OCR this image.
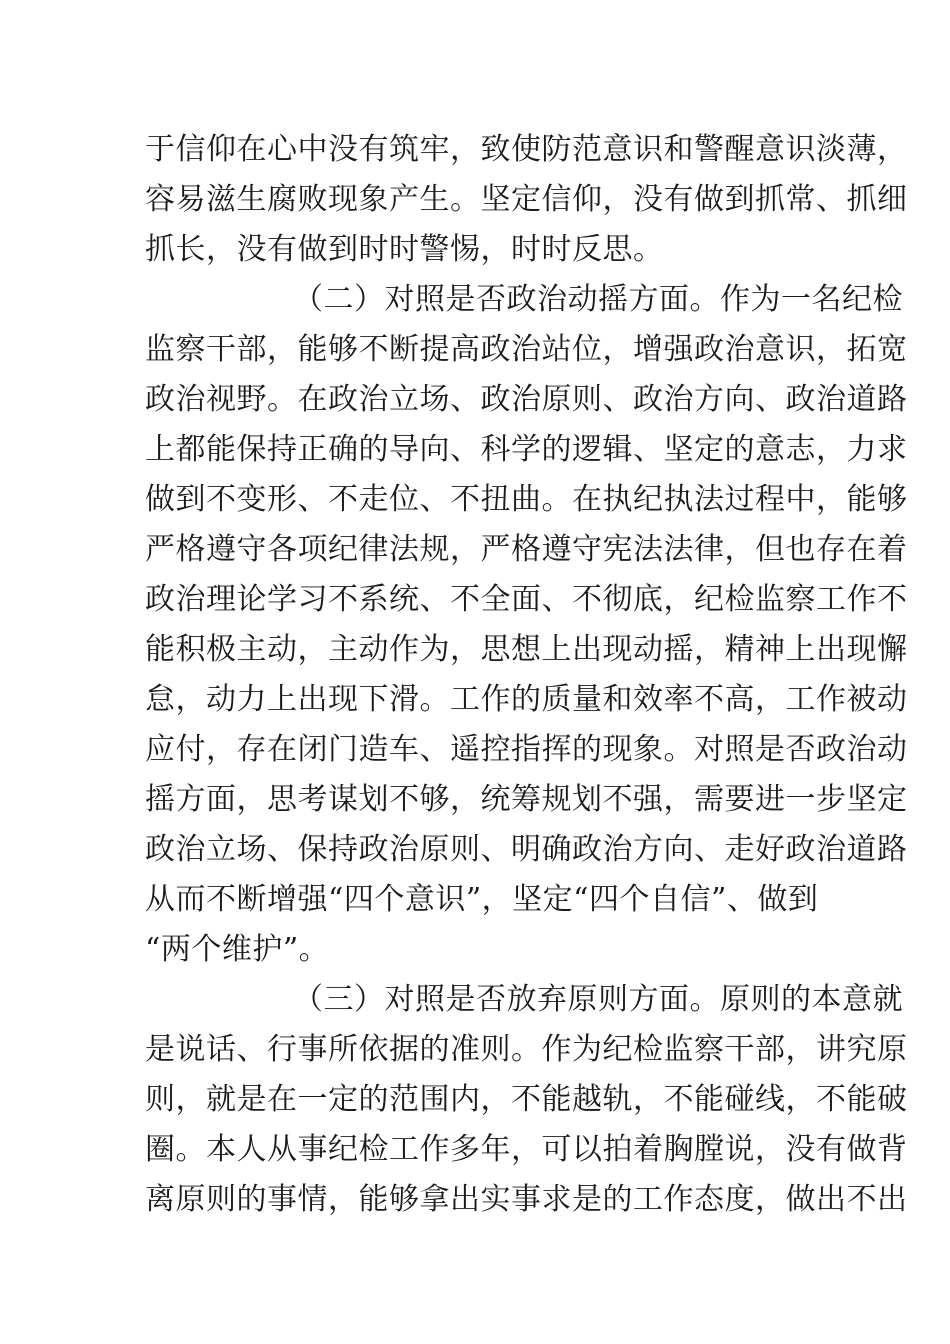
于信仰在心中没有筑牢，致使防范意识和警醒意识淡薄，
容易滋生腐败现象产生。坚定信仰，没有做到抓常、抓细
抓长，没有做到时时警惕，时时反思。
（二）对照是否政治动摇方面。作为一名纪检
监察干部，能够不断提高政治站位，增强政治意识，拓宽
政治视野。在政治立场、政治原则、政治方向、政治道路
上都能保持正确的导向、科学的逻辑、坚定的意志，力求
做到不变形、不走位、不扭曲。在执纪执法过程中，能够
严格遵守各项纪律法规，严格遵守宪法法律，但也存在着
政治理论学习不系统、不全面、不彻底，纪检监察工作不
能积极主动，主动作为，思想上出现动摇，精神上出现懈
怠，动力上出现下滑。工作的质量和效率不高，工作被动
应付，存在闭门造车、遥控指挥的现象。对照是否政治动
摇方面，思考谋划不够，统筹规划不强，需要进一步坚定
政治立场、保持政治原则、明确政治方向、走好政治道路
从而不断增强“四个意识”，坚定“四个自信”、做到
“两个维护”。
（三）对照是否放弃原则方面。原则的本意就
是说话、行事所依据的准则。作为纪检监察干部，讲究原
则，就是在一定的范围内，不能越轨，不能碰线，不能破
圈。本人从事纪检工作多年，可以拍着胸膛说，没有做背
离原则的事情，能够拿出实事求是的工作态度，做出不出
